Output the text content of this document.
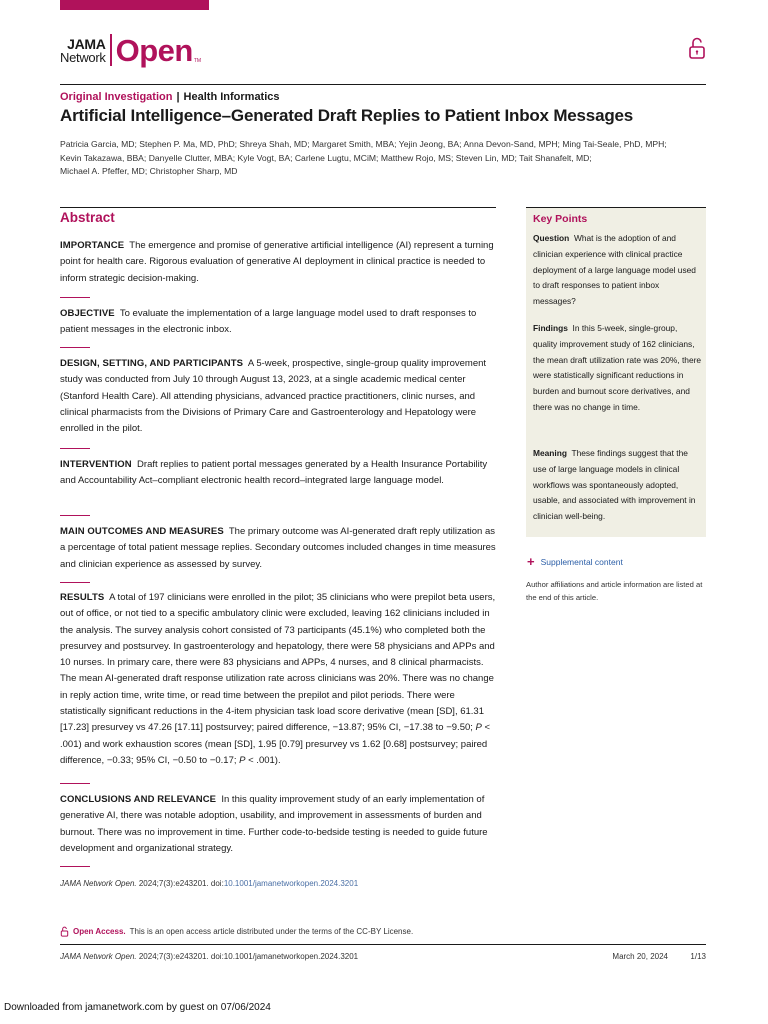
JAMA
Network Open TM
Original Investigation | Health Informatics
Artificial Intelligence–Generated Draft Replies to Patient Inbox Messages
Patricia Garcia, MD; Stephen P. Ma, MD, PhD; Shreya Shah, MD; Margaret Smith, MBA; Yejin Jeong, BA; Anna Devon-Sand, MPH; Ming Tai-Seale, PhD, MPH;
Kevin Takazawa, BBA; Danyelle Clutter, MBA; Kyle Vogt, BA; Carlene Lugtu, MCiM; Matthew Rojo, MS; Steven Lin, MD; Tait Shanafelt, MD;
Michael A. Pfeffer, MD; Christopher Sharp, MD
Abstract
IMPORTANCE The emergence and promise of generative artificial intelligence (AI) represent a turning point for health care. Rigorous evaluation of generative AI deployment in clinical practice is needed to inform strategic decision-making.
OBJECTIVE To evaluate the implementation of a large language model used to draft responses to patient messages in the electronic inbox.
DESIGN, SETTING, AND PARTICIPANTS A 5-week, prospective, single-group quality improvement study was conducted from July 10 through August 13, 2023, at a single academic medical center (Stanford Health Care). All attending physicians, advanced practice practitioners, clinic nurses, and clinical pharmacists from the Divisions of Primary Care and Gastroenterology and Hepatology were enrolled in the pilot.
INTERVENTION Draft replies to patient portal messages generated by a Health Insurance Portability and Accountability Act–compliant electronic health record–integrated large language model.
MAIN OUTCOMES AND MEASURES The primary outcome was AI-generated draft reply utilization as a percentage of total patient message replies. Secondary outcomes included changes in time measures and clinician experience as assessed by survey.
RESULTS A total of 197 clinicians were enrolled in the pilot; 35 clinicians who were prepilot beta users, out of office, or not tied to a specific ambulatory clinic were excluded, leaving 162 clinicians included in the analysis. The survey analysis cohort consisted of 73 participants (45.1%) who completed both the presurvey and postsurvey. In gastroenterology and hepatology, there were 58 physicians and APPs and 10 nurses. In primary care, there were 83 physicians and APPs, 4 nurses, and 8 clinical pharmacists. The mean AI-generated draft response utilization rate across clinicians was 20%. There was no change in reply action time, write time, or read time between the prepilot and pilot periods. There were statistically significant reductions in the 4-item physician task load score derivative (mean [SD], 61.31 [17.23] presurvey vs 47.26 [17.11] postsurvey; paired difference, −13.87; 95% CI, −17.38 to −9.50; P < .001) and work exhaustion scores (mean [SD], 1.95 [0.79] presurvey vs 1.62 [0.68] postsurvey; paired difference, −0.33; 95% CI, −0.50 to −0.17; P < .001).
CONCLUSIONS AND RELEVANCE In this quality improvement study of an early implementation of generative AI, there was notable adoption, usability, and improvement in assessments of burden and burnout. There was no improvement in time. Further code-to-bedside testing is needed to guide future development and organizational strategy.
JAMA Network Open. 2024;7(3):e243201. doi:10.1001/jamanetworkopen.2024.3201
Open Access. This is an open access article distributed under the terms of the CC-BY License.
JAMA Network Open. 2024;7(3):e243201. doi:10.1001/jamanetworkopen.2024.3201	March 20, 2024	1/13
Downloaded from jamanetwork.com by guest on 07/06/2024
Key Points
Question What is the adoption of and clinician experience with clinical practice deployment of a large language model used to draft responses to patient inbox messages?
Findings In this 5-week, single-group, quality improvement study of 162 clinicians, the mean draft utilization rate was 20%, there were statistically significant reductions in burden and burnout score derivatives, and there was no change in time.
Meaning These findings suggest that the use of large language models in clinical workflows was spontaneously adopted, usable, and associated with improvement in clinician well-being.
+ Supplemental content
Author affiliations and article information are listed at the end of this article.
